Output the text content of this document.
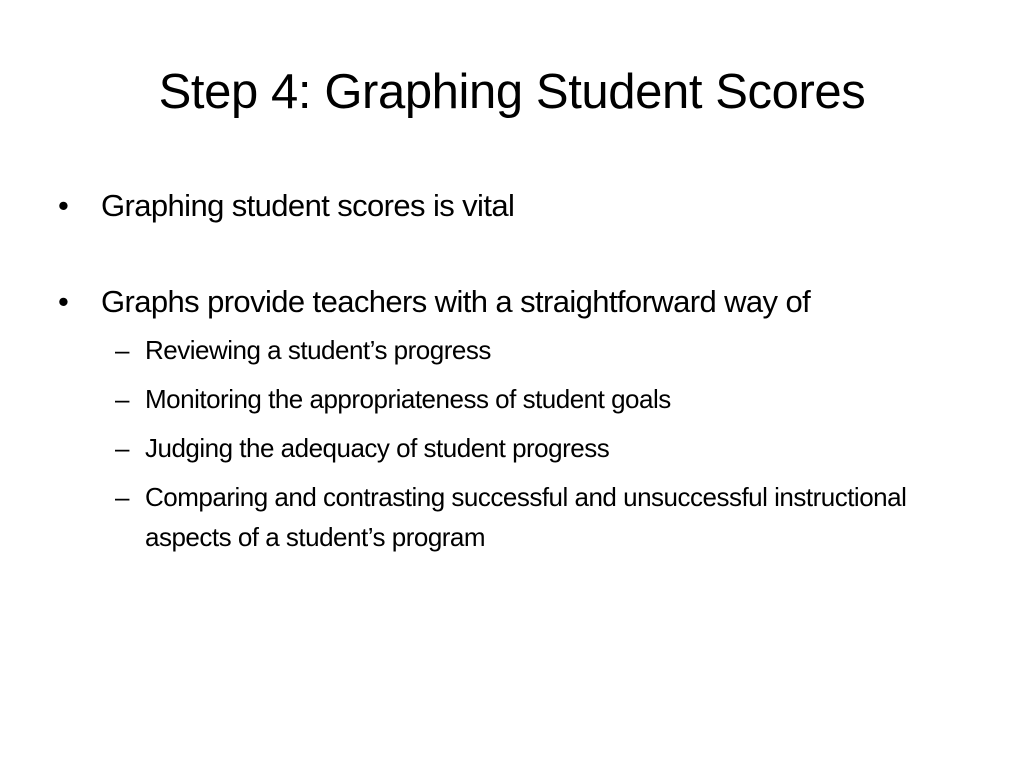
Step 4: Graphing Student Scores
• Graphing student scores is vital
• Graphs provide teachers with a straightforward way of
– Reviewing a student’s progress
– Monitoring the appropriateness of student goals
– Judging the adequacy of student progress
– Comparing and contrasting successful and unsuccessful instructional aspects of a student’s program
